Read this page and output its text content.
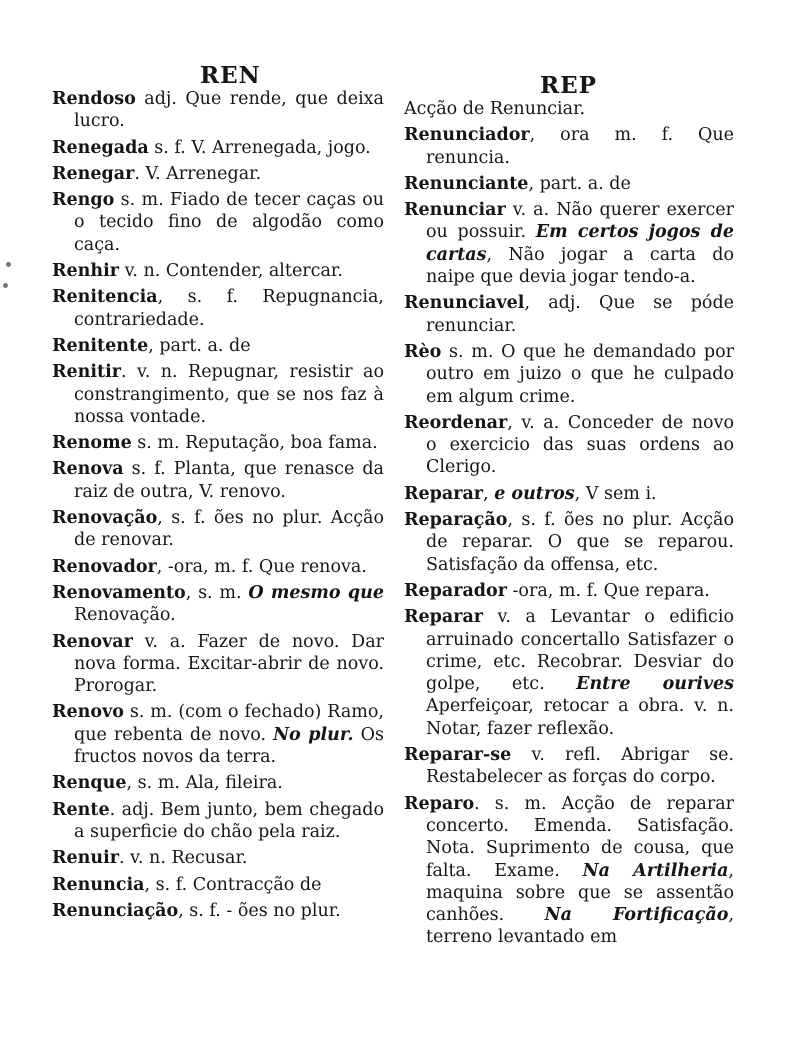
REN	REP

Rendoso adj. Que rende, que deixa lucro.

Renegada s. f. V. Arrenegada, jogo.

Renegar. V. Arrenegar.

Rengo s. m. Fiado de tecer caças ou o tecido fino de algodão como caça.

Renhir v. n. Contender, altercar.

Renitencia, s. f. Repugnancia, contrariedade.

Renitente, part. a. de

Renitir. v. n. Repugnar, resistir ao constrangimento, que se nos faz à nossa vontade.

Renome s. m. Reputação, boa fama.

Renova s. f. Planta, que renasce da raiz de outra, V. renovo.

Renovação, s. f. ões no plur. Acção de renovar.

Renovador, -ora, m. f. Que renova.

Renovamento, s. m. O mesmo que Renovação.

Renovar v. a. Fazer de novo. Dar nova forma. Excitar-abrir de novo. Prorogar.

Renovo s. m. (com o fechado) Ramo, que rebenta de novo. No plur. Os fructos novos da terra.

Renque, s. m. Ala, fileira.

Rente. adj. Bem junto, bem chegado a superficie do chão pela raiz.

Renuir. v. n. Recusar.

Renuncia, s. f. Contracção de

Renunciação, s. f. - ões no plur.

Acção de Renunciar.

Renunciador, ora m. f. Que renuncia.

Renunciante, part. a. de

Renunciar v. a. Não querer exercer ou possuir. Em certos jogos de cartas, Não jogar a carta do naipe que devia jogar tendo-a.

Renunciavel, adj. Que se póde renunciar.

Rèo s. m. O que he demandado por outro em juizo o que he culpado em algum crime.

Reordenar, v. a. Conceder de novo o exercicio das suas ordens ao Clerigo.

Reparar, e outros, V sem i.

Reparação, s. f. ões no plur. Acção de reparar. O que se reparou. Satisfação da offensa, etc.

Reparador -ora, m. f. Que repara.

Reparar v. a Levantar o edificio arruinado concertallo Satisfazer o crime, etc. Recobrar. Desviar do golpe, etc. Entre ourives Aperfeiçoar, retocar a obra. v. n. Notar, fazer reflexão.

Reparar-se v. refl. Abrigar se. Restabelecer as forças do corpo.

Reparo. s. m. Acção de reparar concerto. Emenda. Satisfação. Nota. Suprimento de cousa, que falta. Exame. Na Artilheria, maquina sobre que se assentão canhões. Na Fortificação, terreno levantado em
